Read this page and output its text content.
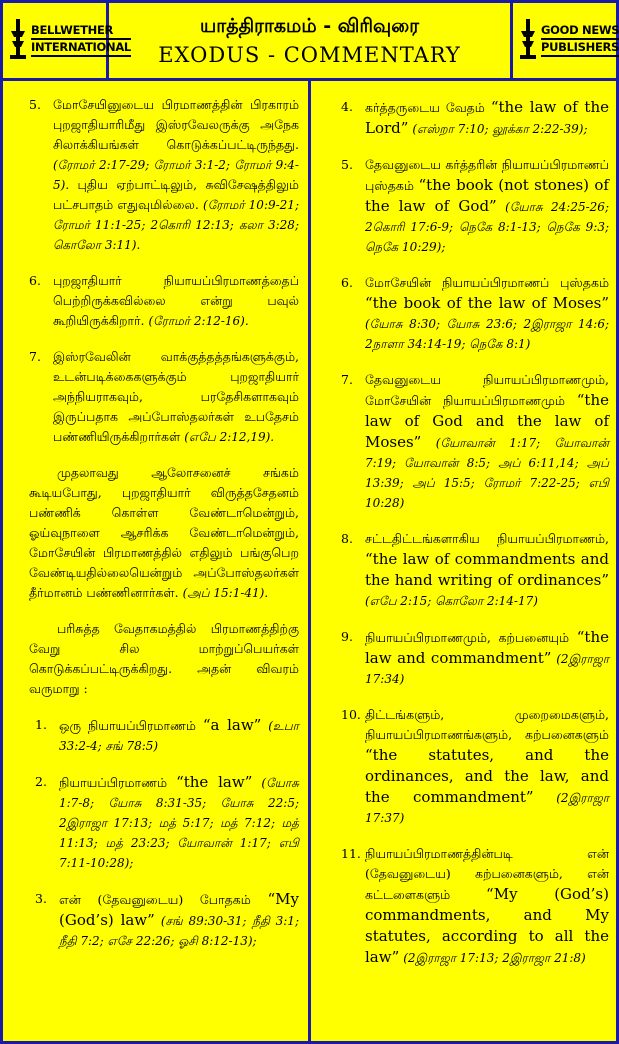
BELLWETHER
INTERNATIONAL
யாத்திராகமம் - விரிவுரை
EXODUS - COMMENTARY
GOOD NEWS
PUBLISHERS
5. மோசேயினுடைய பிரமாணத்தின் பிரகாரம் புறஜாதியாரிமீது இஸ்ரவேலருக்கு அநேக சிலாக்கியங்கள் கொடுக்கப்பட்டிருந்தது. (ரோமர் 2:17-29; ரோமர் 3:1-2; ரோமர் 9:4-5). புதிய ஏற்பாட்டிலும், சுவிசேஷத்திலும் பட்சபாதம் எதுவுமில்லை. (ரோமர் 10:9-21; ரோமர் 11:1-25; 2கொரி 12:13; கலா 3:28; கொலோ 3:11).
6. புறஜாதியார் நியாயப்பிரமாணத்தைப் பெற்றிருக்கவில்லை என்று பவுல் கூறியிருக்கிறார். (ரோமர் 2:12-16).
7. இஸ்ரவேலின் வாக்குத்தத்தங்களுக்கும், உடன்படிக்கைகளுக்கும் புறஜாதியார் அந்நியராகவும், பரதேசிகளாகவும் இருப்பதாக அப்போஸ்தலர்கள் உபதேசம் பண்ணியிருக்கிறார்கள் (எபே 2:12,19).
முதலாவது ஆலோசனைச் சங்கம் கூடியபோது, புறஜாதியார் விருத்தசேதனம் பண்ணிக் கொள்ள வேண்டாமென்றும், ஓய்வுநாளை ஆசரிக்க வேண்டாமென்றும், மோசேயின் பிரமாணத்தில் எதிலும் பங்குபெற வேண்டியதில்லையென்றும் அப்போஸ்தலர்கள் தீர்மானம் பண்ணினார்கள். (அப் 15:1-41).
பரிசுத்த வேதாகமத்தில் பிரமாணத்திற்கு வேறு சில மாற்றுப்பெயர்கள் கொடுக்கப்பட்டிருக்கிறது. அதன் விவரம் வருமாறு :
1. ஒரு நியாயப்பிரமாணம் “a law” (உபா 33:2-4; சங் 78:5)
2. நியாயப்பிரமாணம் “the law” (யோசு 1:7-8; யோசு 8:31-35; யோசு 22:5; 2இராஜா 17:13; மத் 5:17; மத் 7:12; மத் 11:13; மத் 23:23; யோவான் 1:17; எபி 7:11-10:28);
3. என் (தேவனுடைய) போதகம் “My (God’s) law” (சங் 89:30-31; நீதி 3:1; நீதி 7:2; எசே 22:26; ஓசி 8:12-13);
4. கர்த்தருடைய வேதம் “the law of the Lord” (எஸ்றா 7:10; லூக்கா 2:22-39);
5. தேவனுடைய கர்த்தரின் நியாயப்பிரமாணப் புஸ்தகம் “the book (not stones) of the law of God” (யோசு 24:25-26; 2கொரி 17:6-9; நெகே 8:1-13; நெகே 9:3; நெகே 10:29);
6. மோசேயின் நியாயப்பிரமாணப் புஸ்தகம் “the book of the law of Moses” (யோசு 8:30; யோசு 23:6; 2இராஜா 14:6; 2நாளா 34:14-19; நெகே 8:1)
7. தேவனுடைய நியாயப்பிரமாணமும், மோசேயின் நியாயப்பிரமாணமும் “the law of God and the law of Moses” (யோவான் 1:17; யோவான் 7:19; யோவான் 8:5; அப் 6:11,14; அப் 13:39; அப் 15:5; ரோமர் 7:22-25; எபி 10:28)
8. சட்டதிட்டங்களாகிய நியாயப்பிரமாணம், “the law of commandments and the hand writing of ordinances” (எபே 2:15; கொலோ 2:14-17)
9. நியாயப்பிரமாணமும், கற்பனையும் “the law and commandment” (2இராஜா 17:34)
10. திட்டங்களும், முறைமைகளும், நியாயப்பிரமாணங்களும், கற்பனைகளும் “the statutes, and the ordinances, and the law, and the commandment” (2இராஜா 17:37)
11. நியாயப்பிரமாணத்தின்படி என் (தேவனுடைய) கற்பனைகளும், என் கட்டளைகளும் “My (God’s) commandments, and My statutes, according to all the law” (2இராஜா 17:13; 2இராஜா 21:8)
